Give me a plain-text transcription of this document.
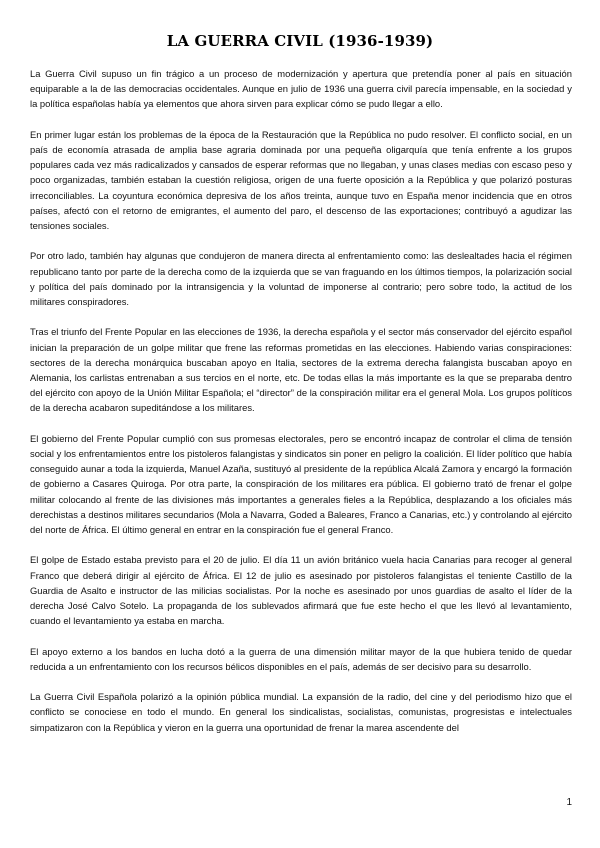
LA GUERRA CIVIL (1936-1939)

La Guerra Civil supuso un fin trágico a un proceso de modernización y apertura que pretendía poner al país en situación equiparable a la de las democracias occidentales. Aunque en julio de 1936 una guerra civil parecía impensable, en la sociedad y la política españolas había ya elementos que ahora sirven para explicar cómo se pudo llegar a ello.

En primer lugar están los problemas de la época de la Restauración que la República no pudo resolver. El conflicto social, en un país de economía atrasada de amplia base agraria dominada por una pequeña oligarquía que tenía enfrente a los grupos populares cada vez más radicalizados y cansados de esperar reformas que no llegaban, y unas clases medias con escaso peso y poco organizadas, también estaban la cuestión religiosa, origen de una fuerte oposición a la República y que polarizó posturas irreconciliables. La coyuntura económica depresiva de los años treinta, aunque tuvo en España menor incidencia que en otros países, afectó con el retorno de emigrantes, el aumento del paro, el descenso de las exportaciones; contribuyó a agudizar las tensiones sociales.

Por otro lado, también hay algunas que condujeron de manera directa al enfrentamiento como: las deslealtades hacia el régimen republicano tanto por parte de la derecha como de la izquierda que se van fraguando en los últimos tiempos, la polarización social y política del país dominado por la intransigencia y la voluntad de imponerse al contrario; pero sobre todo, la actitud de los militares conspiradores.

Tras el triunfo del Frente Popular en las elecciones de 1936, la derecha española y el sector más conservador del ejército español inician la preparación de un golpe militar que frene las reformas prometidas en las elecciones. Habiendo varias conspiraciones: sectores de la derecha monárquica buscaban apoyo en Italia, sectores de la extrema derecha falangista buscaban apoyo en Alemania, los carlistas entrenaban a sus tercios en el norte, etc. De todas ellas la más importante es la que se preparaba dentro del ejército con apoyo de la Unión Militar Española; el “director” de la conspiración militar era el general Mola. Los grupos políticos de la derecha acabaron supeditándose a los militares.

El gobierno del Frente Popular cumplió con sus promesas electorales, pero se encontró incapaz de controlar el clima de tensión social y los enfrentamientos entre los pistoleros falangistas y sindicatos sin poner en peligro la coalición. El líder político que había conseguido aunar a toda la izquierda, Manuel Azaña, sustituyó al presidente de la república Alcalá Zamora y encargó la formación de gobierno a Casares Quiroga. Por otra parte, la conspiración de los militares era pública. El gobierno trató de frenar el golpe militar colocando al frente de las divisiones más importantes a generales fieles a la República, desplazando a los oficiales más derechistas a destinos militares secundarios (Mola a Navarra, Goded a Baleares, Franco a Canarias, etc.) y controlando al ejército del norte de África. El último general en entrar en la conspiración fue el general Franco.

El golpe de Estado estaba previsto para el 20 de julio. El día 11 un avión británico vuela hacia Canarias para recoger al general Franco que deberá dirigir al ejército de África. El 12 de julio es asesinado por pistoleros falangistas el teniente Castillo de la Guardia de Asalto e instructor de las milicias socialistas. Por la noche es asesinado por unos guardias de asalto el líder de la derecha José Calvo Sotelo. La propaganda de los sublevados afirmará que fue este hecho el que les llevó al levantamiento, cuando el levantamiento ya estaba en marcha.

El apoyo externo a los bandos en lucha dotó a la guerra de una dimensión militar mayor de la que hubiera tenido de quedar reducida a un enfrentamiento con los recursos bélicos disponibles en el país, además de ser decisivo para su desarrollo.

La Guerra Civil Española polarizó a la opinión pública mundial. La expansión de la radio, del cine y del periodismo hizo que el conflicto se conociese en todo el mundo. En general los sindicalistas, socialistas, comunistas, progresistas e intelectuales simpatizaron con la República y vieron en la guerra una oportunidad de frenar la marea ascendente del

1
